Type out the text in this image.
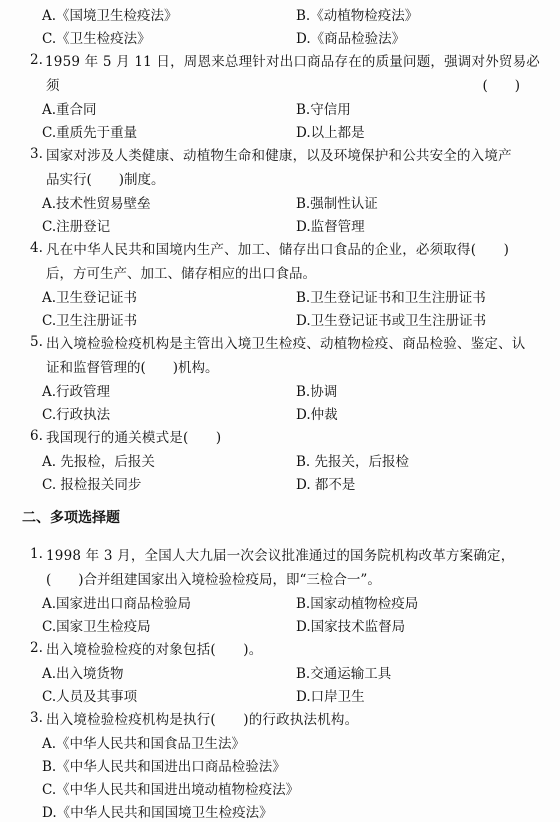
A.《国境卫生检疫法》	B.《动植物检疫法》
C.《卫生检疫法》	D.《商品检验法》
2. 1959 年 5 月 11 日，周恩来总理针对出口商品存在的质量问题，强调对外贸易必
须	(　　)
A.重合同	B.守信用
C.重质先于重量	D.以上都是
3. 国家对涉及人类健康、动植物生命和健康，以及环境保护和公共安全的入境产
品实行(　　)制度。
A.技术性贸易壁垒	B.强制性认证
C.注册登记	D.监督管理
4. 凡在中华人民共和国境内生产、加工、储存出口食品的企业，必须取得(　　)
后，方可生产、加工、储存相应的出口食品。
A.卫生登记证书	B.卫生登记证书和卫生注册证书
C.卫生注册证书	D.卫生登记证书或卫生注册证书
5. 出入境检验检疫机构是主管出入境卫生检疫、动植物检疫、商品检验、鉴定、认
证和监督管理的(　　)机构。
A.行政管理	B.协调
C.行政执法	D.仲裁
6. 我国现行的通关模式是(　　)
A. 先报检，后报关	B. 先报关，后报检
C. 报检报关同步	D. 都不是
二、多项选择题
1. 1998 年 3 月，全国人大九届一次会议批准通过的国务院机构改革方案确定，
(　　)合并组建国家出入境检验检疫局，即“三检合一”。
A.国家进出口商品检验局	B.国家动植物检疫局
C.国家卫生检疫局	D.国家技术监督局
2. 出入境检验检疫的对象包括(　　)。
A.出入境货物	B.交通运输工具
C.人员及其事项	D.口岸卫生
3. 出入境检验检疫机构是执行(　　)的行政执法机构。
A.《中华人民共和国食品卫生法》
B.《中华人民共和国进出口商品检验法》
C.《中华人民共和国进出境动植物检疫法》
D.《中华人民共和国国境卫生检疫法》
